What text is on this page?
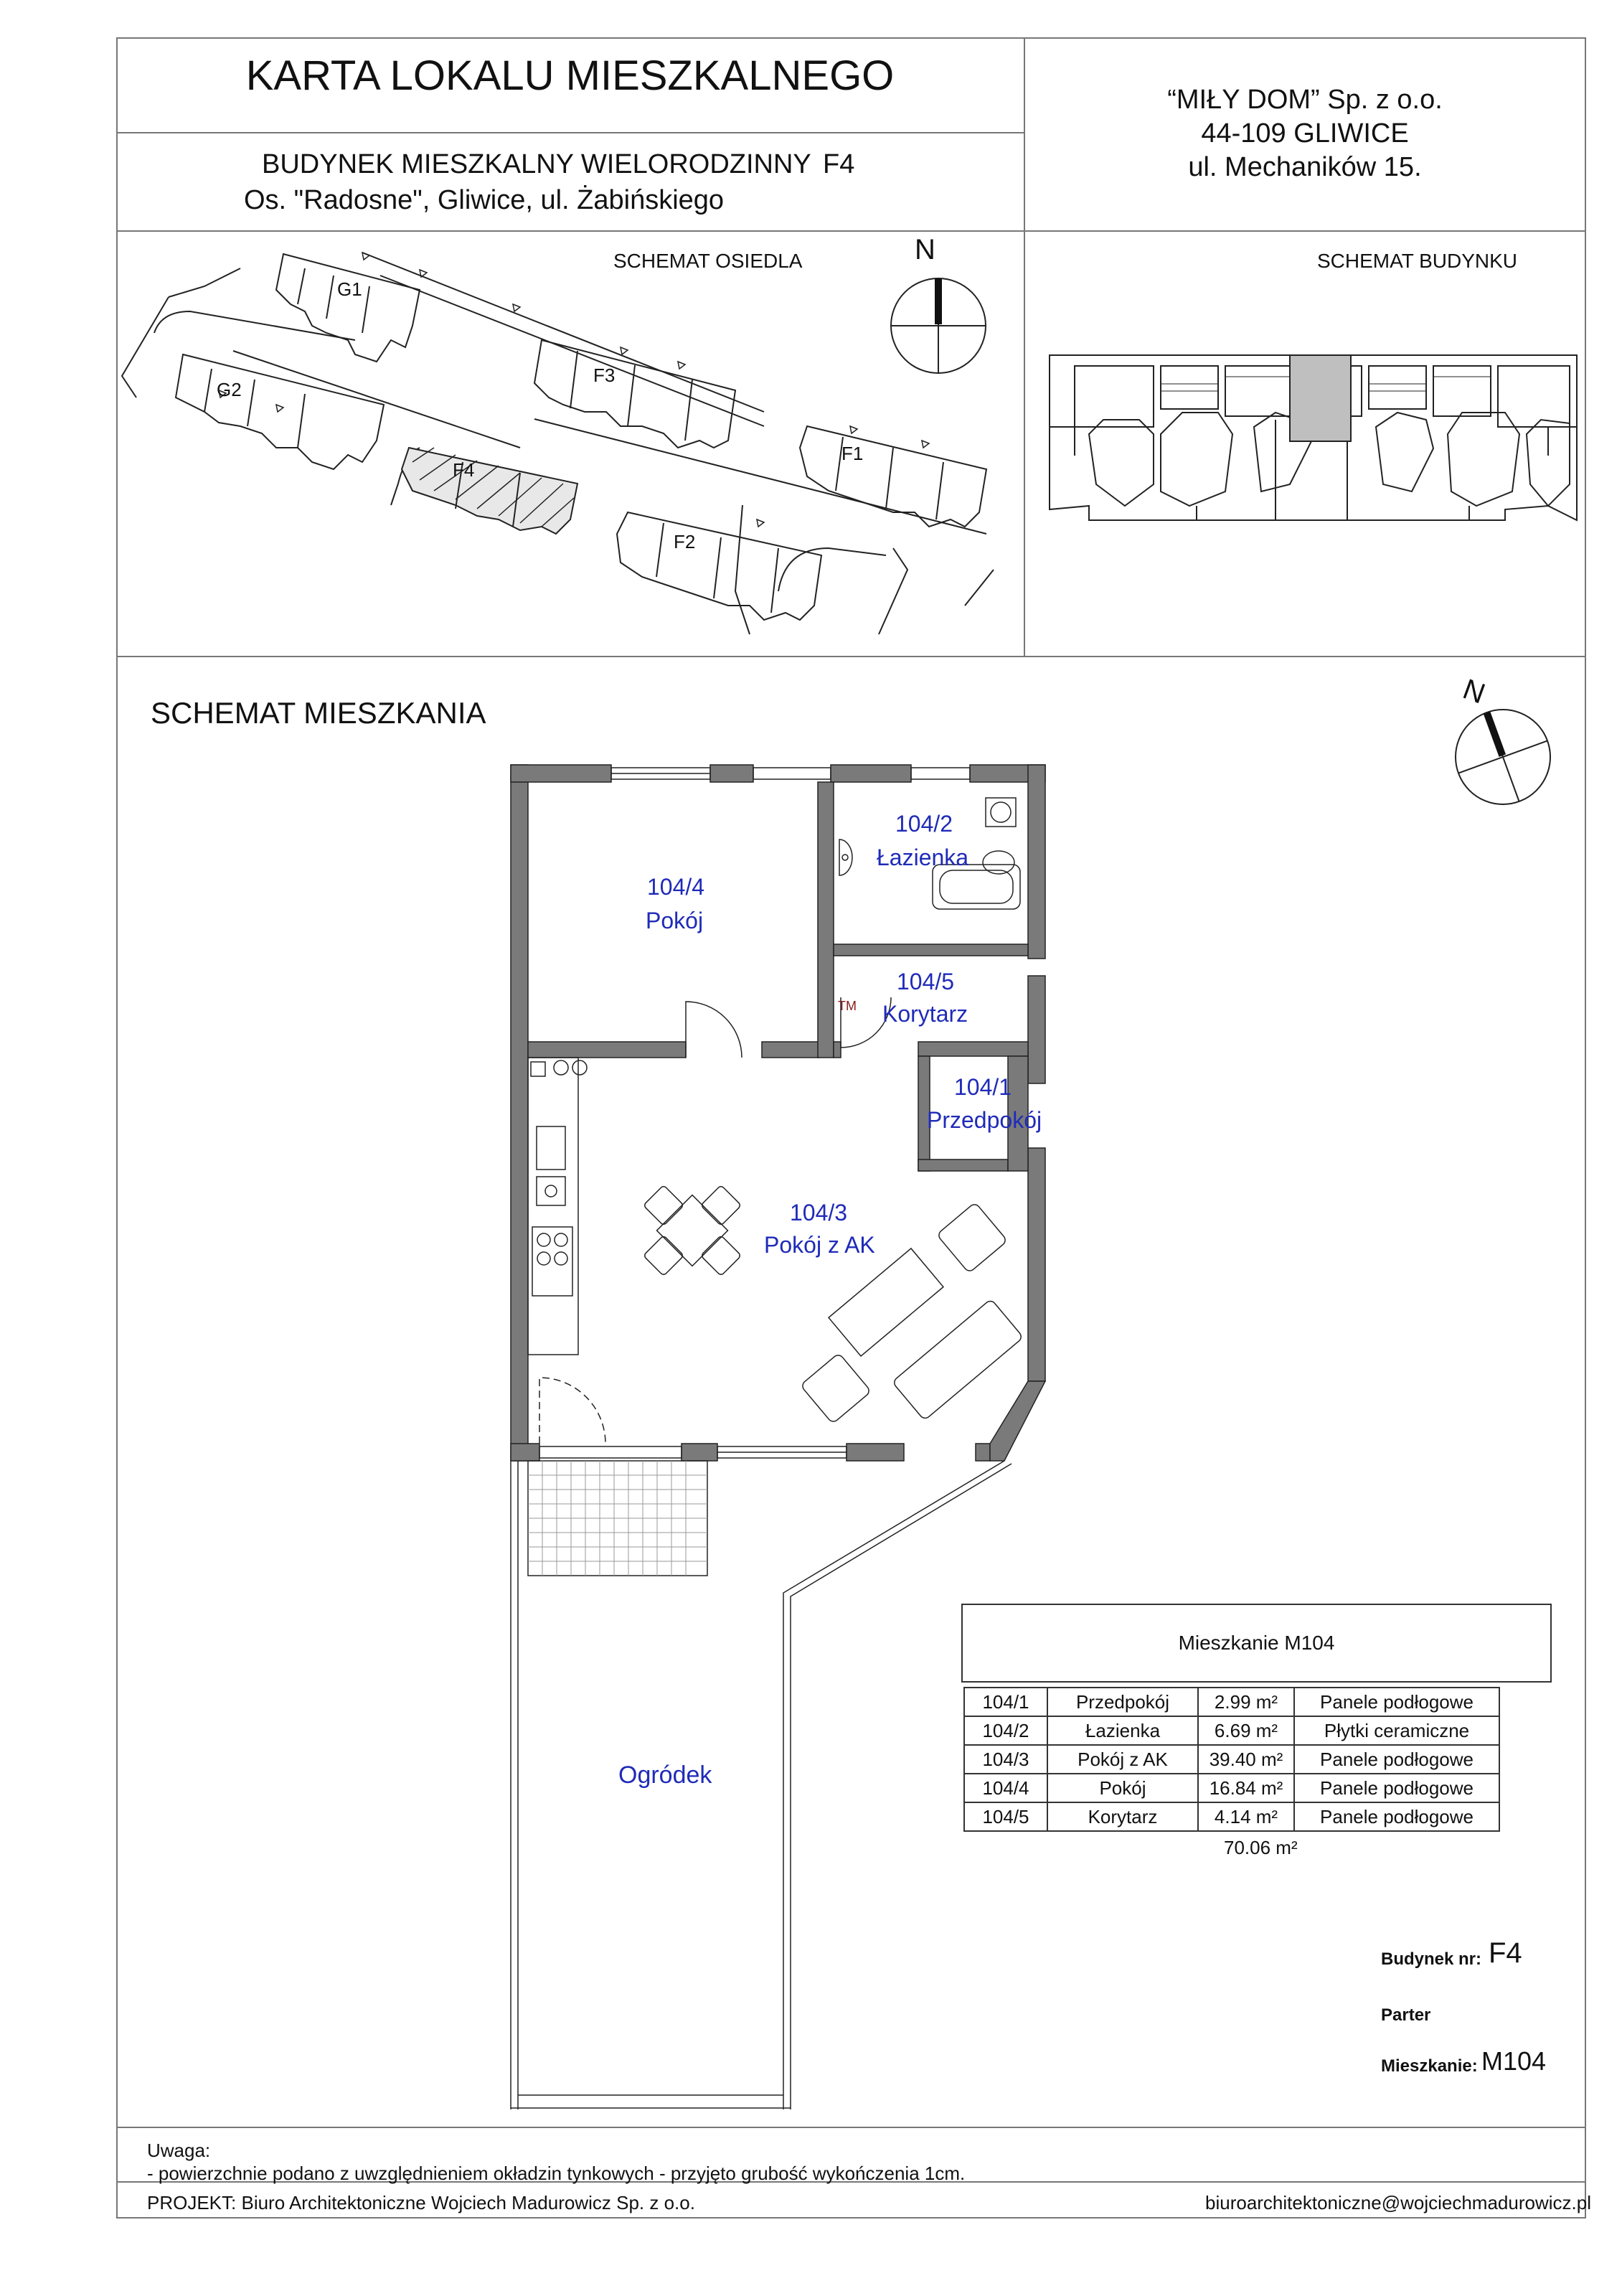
KARTA LOKALU MIESZKALNEGO
BUDYNEK MIESZKALNY WIELORODZINNY F4
Os. "Radosne", Gliwice, ul. Żabińskiego
“MIŁY DOM” Sp. z o.o.
44-109 GLIWICE
ul. Mechaników 15.
SCHEMAT OSIEDLA
G1
G2
F3
F1
F4
F2
N	SCHEMAT BUDYNKU
SCHEMAT MIESZKANIA
N
TM
104/4
Pokój
104/2
Łazienka
104/5
Korytarz
104/1
Przedpokój
104/3
Pokój z AK
Ogródek
Mieszkanie M104
104/1	Przedpokój	2.99 m²	Panele podłogowe
104/2	Łazienka	6.69 m²	Płytki ceramiczne
104/3	Pokój z AK	39.40 m²	Panele podłogowe
104/4	Pokój	16.84 m²	Panele podłogowe
104/5	Korytarz	4.14 m²	Panele podłogowe
70.06 m²
Budynek nr: F4
Parter
Mieszkanie: M104
Uwaga:
- powierzchnie podano z uwzględnieniem okładzin tynkowych - przyjęto grubość wykończenia 1cm.
PROJEKT: Biuro Architektoniczne Wojciech Madurowicz Sp. z o.o.	biuroarchitektoniczne@wojciechmadurowicz.pl
